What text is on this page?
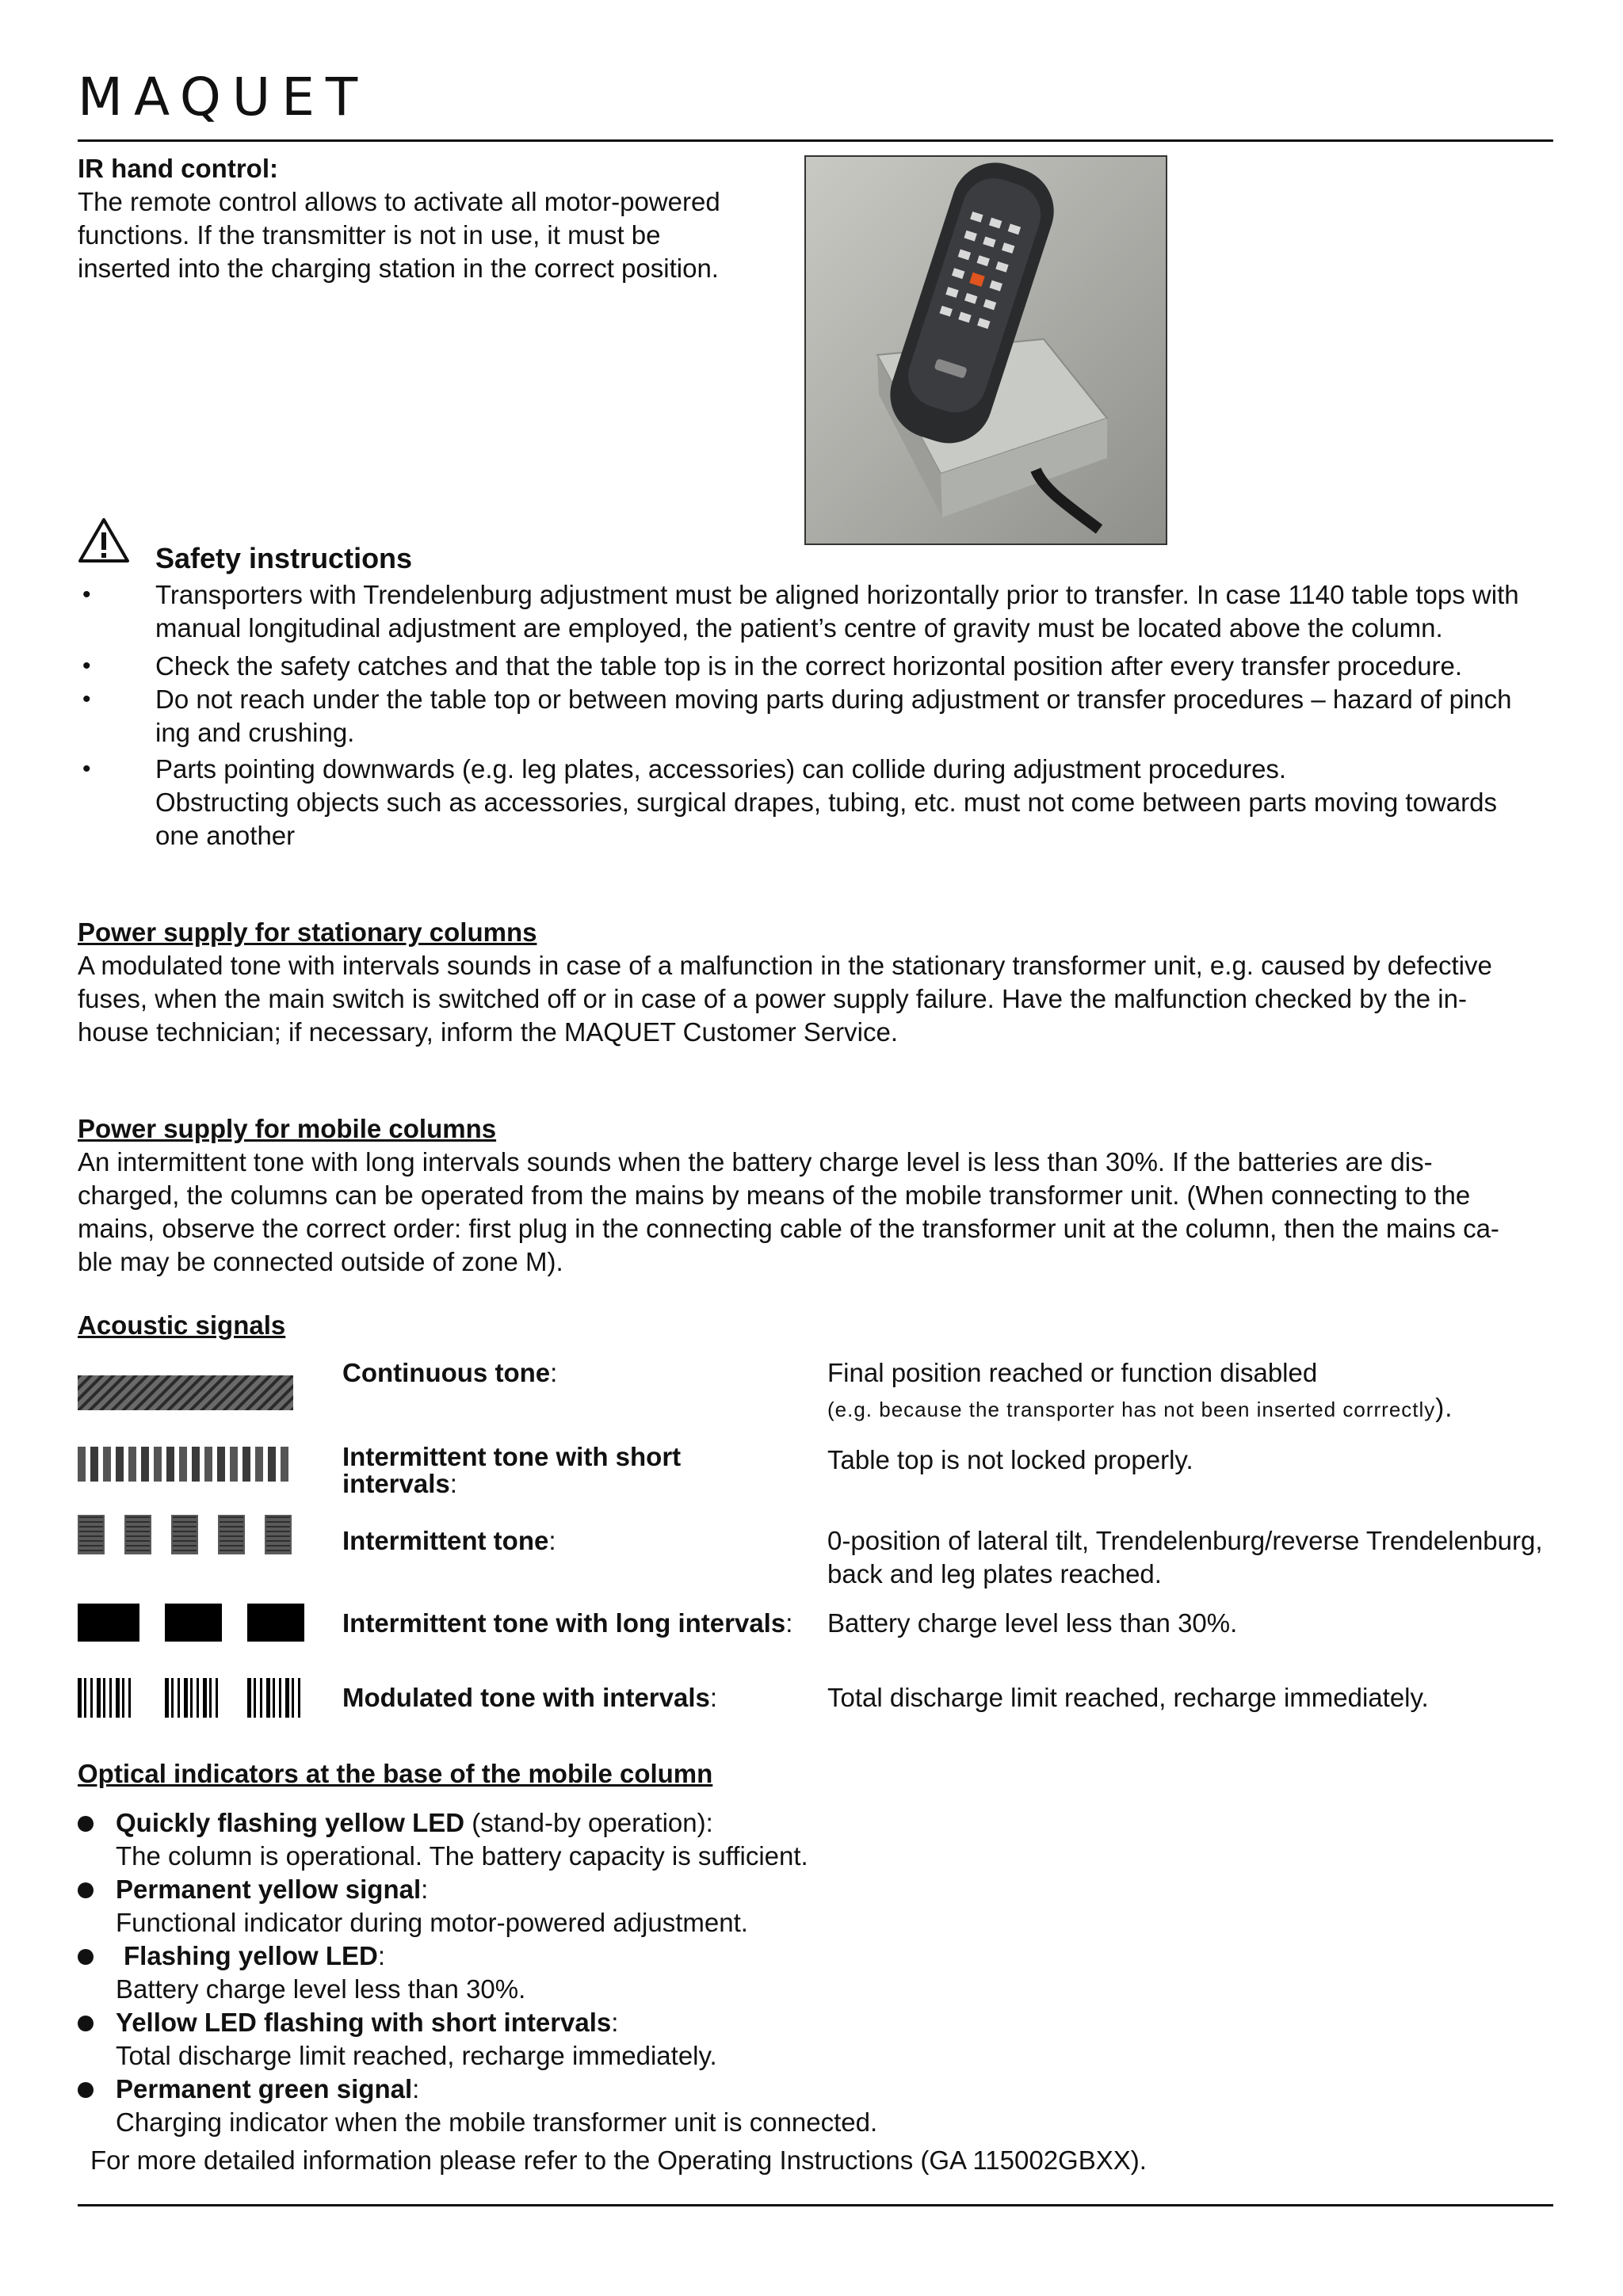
MAQUET
IR hand control:
The remote control allows to activate all motor-powered
functions. If the transmitter is not in use, it must be
inserted into the charging station in the correct position.
Safety instructions
• Transporters with Trendelenburg adjustment must be aligned horizontally prior to transfer. In case 1140 table tops with
manual longitudinal adjustment are employed, the patient’s centre of gravity must be located above the column.
• Check the safety catches and that the table top is in the correct horizontal position after every transfer procedure.
• Do not reach under the table top or between moving parts during adjustment or transfer procedures – hazard of pinch
ing and crushing.
• Parts pointing downwards (e.g. leg plates, accessories) can collide during adjustment procedures.
Obstructing objects such as accessories, surgical drapes, tubing, etc. must not come between parts moving towards
one another
Power supply for stationary columns
A modulated tone with intervals sounds in case of a malfunction in the stationary transformer unit, e.g. caused by defective
fuses, when the main switch is switched off or in case of a power supply failure. Have the malfunction checked by the in-
house technician; if necessary, inform the MAQUET Customer Service.
Power supply for mobile columns
An intermittent tone with long intervals sounds when the battery charge level is less than 30%. If the batteries are dis-
charged, the columns can be operated from the mains by means of the mobile transformer unit. (When connecting to the
mains, observe the correct order: first plug in the connecting cable of the transformer unit at the column, then the mains ca-
ble may be connected outside of zone M).
Acoustic signals
Continuous tone:	Final position reached or function disabled
(e.g. because the transporter has not been inserted corrrectly).
Intermittent tone with short
intervals:
Table top is not locked properly.
Intermittent tone:	0-position of lateral tilt, Trendelenburg/reverse Trendelenburg,
back and leg plates reached.
Intermittent tone with long intervals: Battery charge level less than 30%.
Modulated tone with intervals:	Total discharge limit reached, recharge immediately.
Optical indicators at the base of the mobile column
Quickly flashing yellow LED (stand-by operation):
The column is operational. The battery capacity is sufficient.
Permanent yellow signal:
Functional indicator during motor-powered adjustment.
Flashing yellow LED:
Battery charge level less than 30%.
Yellow LED flashing with short intervals:
Total discharge limit reached, recharge immediately.
Permanent green signal:
Charging indicator when the mobile transformer unit is connected.
For more detailed information please refer to the Operating Instructions (GA 115002GBXX).
